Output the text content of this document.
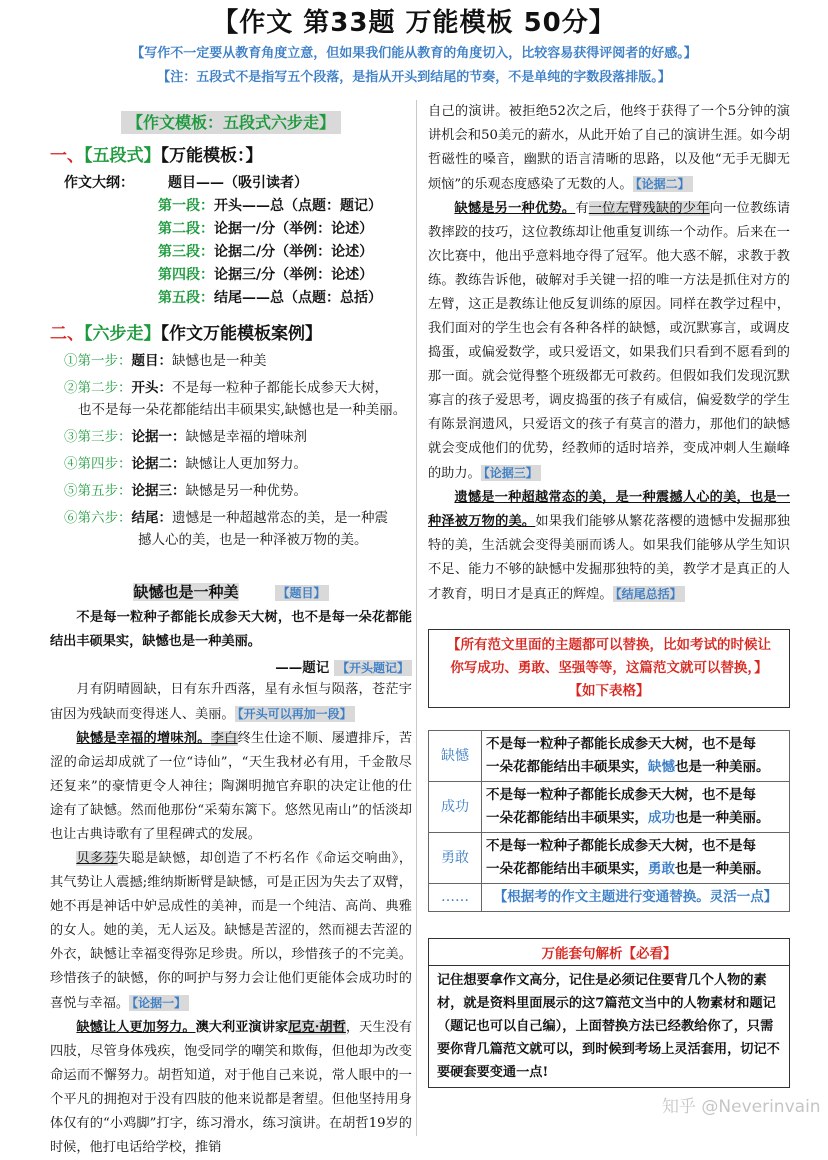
【作文 第33题 万能模板 50分】
【写作不一定要从教育角度立意，但如果我们能从教育的角度切入，比较容易获得评阅者的好感。】
【注：五段式不是指写五个段落，是指从开头到结尾的节奏，不是单纯的字数段落排版。】
【作文模板：五段式六步走】
一、【五段式】【万能模板：】
作文大纲： 题目——（吸引读者）
第一段：开头——总（点题：题记）
第二段：论据一/分（举例：论述）
第三段：论据二/分（举例：论述）
第四段：论据三/分（举例：论述）
第五段：结尾——总（点题：总括）
二、【六步走】【作文万能模板案例】
①第一步：题目：缺憾也是一种美
②第二步：开头：不是每一粒种子都能长成参天大树，
也不是每一朵花都能结出丰硕果实,缺憾也是一种美丽。
③第三步：论据一：缺憾是幸福的增味剂
④第四步：论据二：缺憾让人更加努力。
⑤第五步：论据三：缺憾是另一种优势。
⑥第六步：结尾：遗憾是一种超越常态的美，是一种震
撼人心的美，也是一种泽被万物的美。
缺憾也是一种美	【题目】

不是每一粒种子都能长成参天大树，也不是每一朵花都能结出丰硕果实，缺憾也是一种美丽。

——题记 【开头题记】

月有阴晴圆缺，日有东升西落，星有永恒与陨落，苍茫宇宙因为残缺而变得迷人、美丽。 【开头可以再加一段】

缺憾是幸福的增味剂。李白终生仕途不顺、屡遭排斥，苦涩的命运却成就了一位“诗仙”，“天生我材必有用，千金散尽还复来”的豪情更令人神往；陶渊明抛官弃职的决定让他的仕途有了缺憾。然而他那份“采菊东篱下。悠然见南山”的恬淡却也让古典诗歌有了里程碑式的发展。

贝多芬失聪是缺憾，却创造了不朽名作《命运交响曲》，其气势让人震撼;维纳斯断臂是缺憾，可是正因为失去了双臂，她不再是神话中妒忌成性的美神，而是一个纯洁、高尚、典雅的女人。她的美，无人运及。缺憾是苦涩的，然而褪去苦涩的外衣，缺憾让幸福变得弥足珍贵。所以，珍惜孩子的不完美。珍惜孩子的缺憾，你的呵护与努力会让他们更能体会成功时的喜悦与幸福。 【论据一】

缺憾让人更加努力。澳大利亚演讲家尼克·胡哲，天生没有四肢，尽管身体残疾，饱受同学的嘲笑和欺侮，但他却为改变命运而不懈努力。胡哲知道，对于他自己来说，常人眼中的一个平凡的拥抱对于没有四肢的他来说都是奢望。但他坚持用身体仅有的“小鸡脚”打字，练习滑水，练习演讲。在胡哲19岁的时候，他打电话给学校，推销

自己的演讲。被拒绝52次之后，他终于获得了一个5分钟的演讲机会和50美元的薪水，从此开始了自己的演讲生涯。如今胡哲磁性的嗓音，幽默的语言清晰的思路，以及他“无手无脚无烦恼”的乐观态度感染了无数的人。 【论据二】

缺憾是另一种优势。有一位左臂残缺的少年向一位教练请教摔跤的技巧，这位教练却让他重复训练一个动作。后来在一次比赛中，他出乎意料地夺得了冠军。他大惑不解，求教于教练。教练告诉他，破解对手关键一招的唯一方法是抓住对方的左臂，这正是教练让他反复训练的原因。同样在教学过程中，我们面对的学生也会有各种各样的缺憾，或沉默寡言，或调皮捣蛋，或偏爱数学，或只爱语文，如果我们只看到不愿看到的那一面。就会觉得整个班级都无可救药。但假如我们发现沉默寡言的孩子爱思考，调皮捣蛋的孩子有威信，偏爱数学的学生有陈景润遗风，只爱语文的孩子有莫言的潜力，那他们的缺憾就会变成他们的优势，经教师的适时培养，变成冲刺人生巅峰的助力。 【论据三】

遗憾是一种超越常态的美，是一种震撼人心的美，也是一种泽被万物的美。如果我们能够从繁花落樱的遗憾中发掘那独特的美，生活就会变得美丽而诱人。如果我们能够从学生知识不足、能力不够的缺憾中发掘那独特的美，教学才是真正的人才教育，明日才是真正的辉煌。 【结尾总括】

【所有范文里面的主题都可以替换，比如考试的时候让
你写成功、勇敢、坚强等等，这篇范文就可以替换，】
【如下表格】
缺憾	不是每一粒种子都能长成参天大树，也不是每
一朵花都能结出丰硕果实，缺憾也是一种美丽。
成功	不是每一粒种子都能长成参天大树，也不是每
一朵花都能结出丰硕果实，成功也是一种美丽。
勇敢	不是每一粒种子都能长成参天大树，也不是每
一朵花都能结出丰硕果实，勇敢也是一种美丽。
……	【根据考的作文主题进行变通替换。灵活一点】
万能套句解析【必看】
记住想要拿作文高分，记住是必须记住要背几个人物的素材，就是资料里面展示的这7篇范文当中的人物素材和题记（题记也可以自己编），上面替换方法已经教给你了，只需要你背几篇范文就可以，到时候到考场上灵活套用，切记不要硬套要变通一点!
知乎 @Neverinvain
